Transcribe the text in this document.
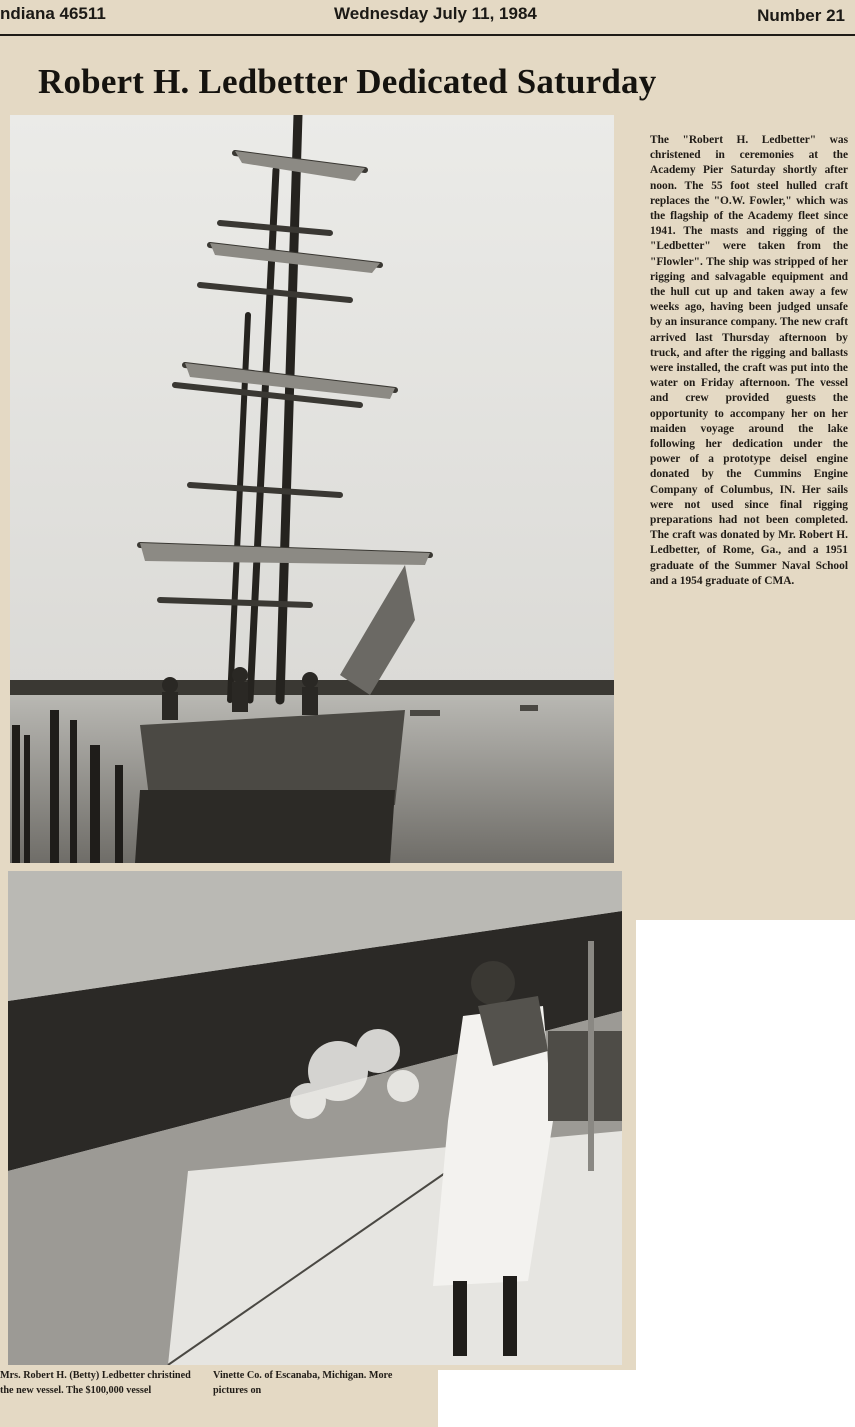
ndiana 46511	Wednesday July 11, 1984	Number 21
Robert H. Ledbetter Dedicated Saturday
The "Robert H. Ledbetter" was christened in ceremonies at the Academy Pier Saturday shortly after noon. The 55 foot steel hulled craft replaces the "O.W. Fowler," which was the flagship of the Academy fleet since 1941. The masts and rigging of the "Ledbetter" were taken from the "Flowler". The ship was stripped of her rigging and salvagable equipment and the hull cut up and taken away a few weeks ago, having been judged unsafe by an insurance company. The new craft arrived last Thursday afternoon by truck, and after the rigging and ballasts were installed, the craft was put into the water on Friday afternoon. The vessel and crew provided guests the opportunity to accompany her on her maiden voyage around the lake following her dedication under the power of a prototype deisel engine donated by the Cummins Engine Company of Columbus, IN. Her sails were not used since final rigging preparations had not been completed. The craft was donated by Mr. Robert H. Ledbetter, of Rome, Ga., and a 1951 graduate of the Summer Naval School and a 1954 graduate of CMA.
Mrs. Robert H. (Betty) Ledbetter christined the new vessel. The $100,000 vessel
Vinette Co. of Escanaba, Michigan. More pictures on
